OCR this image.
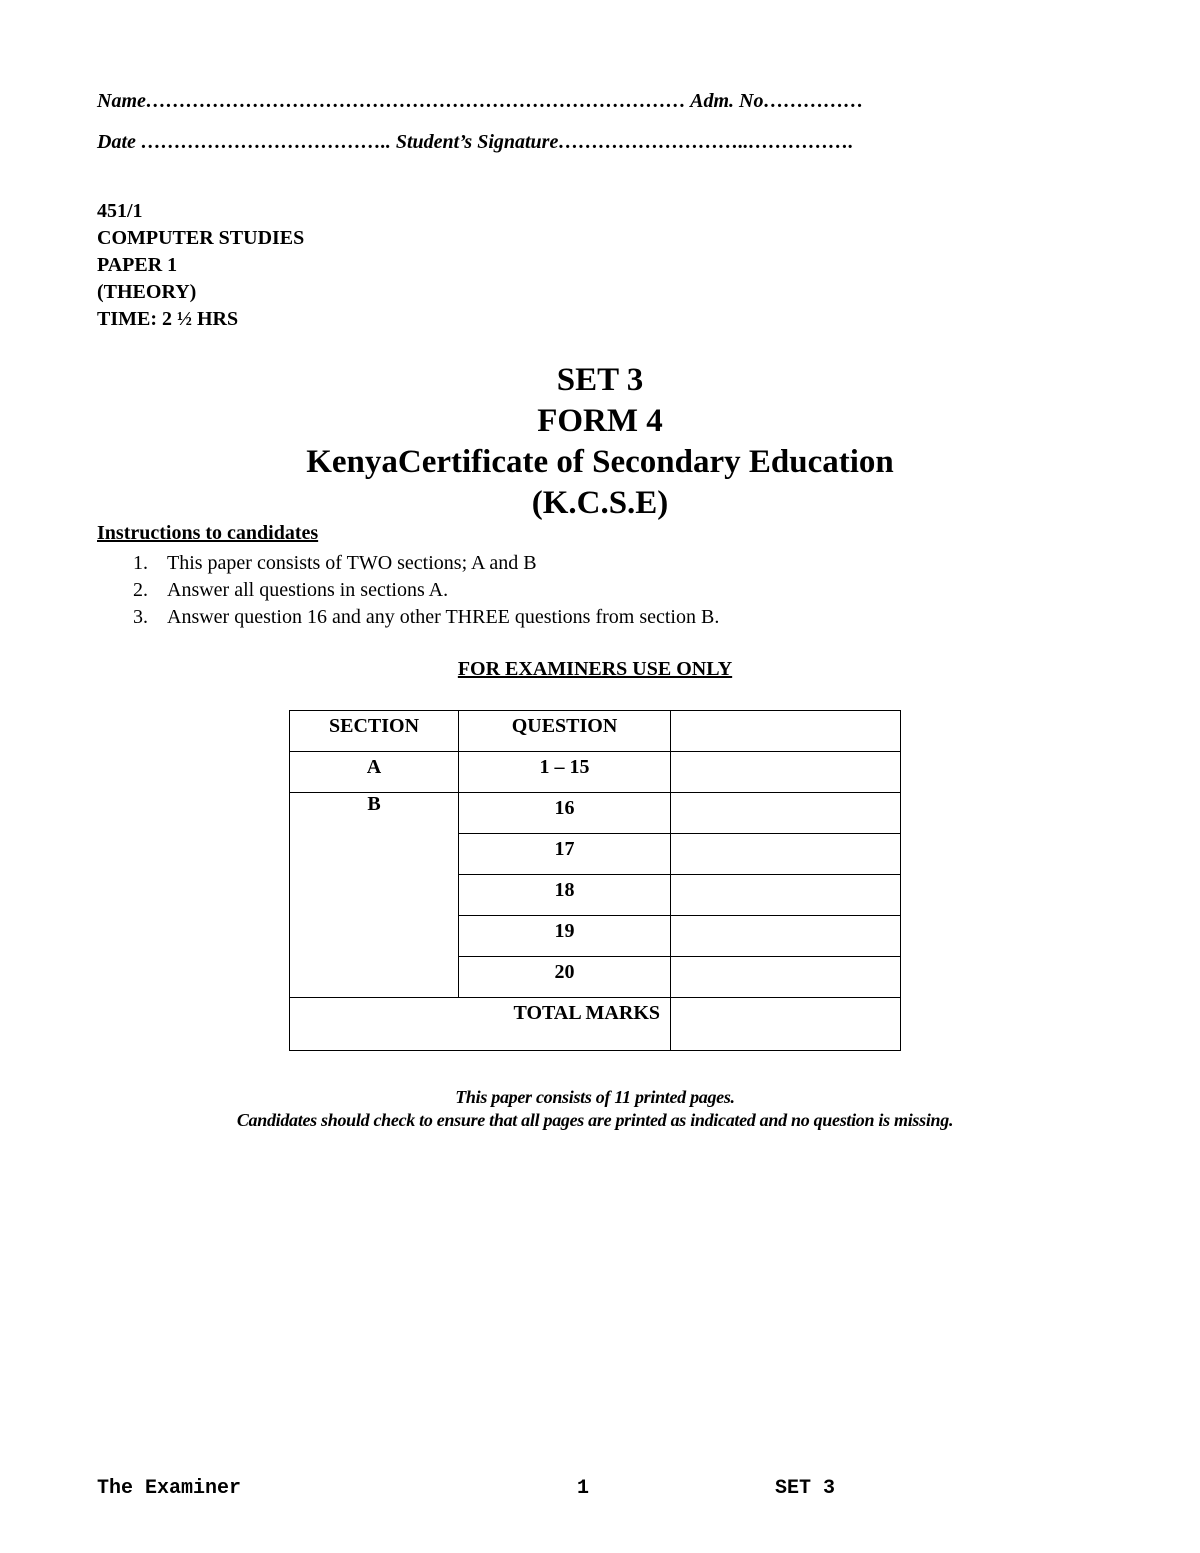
Name……………………………………………………………………… Adm. No……………
Date ……………………………….. Student’s Signature………………………..…………….
451/1
COMPUTER STUDIES
PAPER 1
(THEORY)
TIME: 2 ½ HRS
SET 3
FORM 4
KenyaCertificate of Secondary Education
(K.C.S.E)
Instructions to candidates
1. This paper consists of TWO sections; A and B
2. Answer all questions in sections A.
3. Answer question 16 and any other THREE questions from section B.
FOR EXAMINERS USE ONLY
SECTION	QUESTION	

A	1 – 15	

B	16	

	17	

	18	

	19	

	20	

TOTAL MARKS		

This paper consists of 11 printed pages.
Candidates should check to ensure that all pages are printed as indicated and no question is missing.
The Examiner	1	SET 3
